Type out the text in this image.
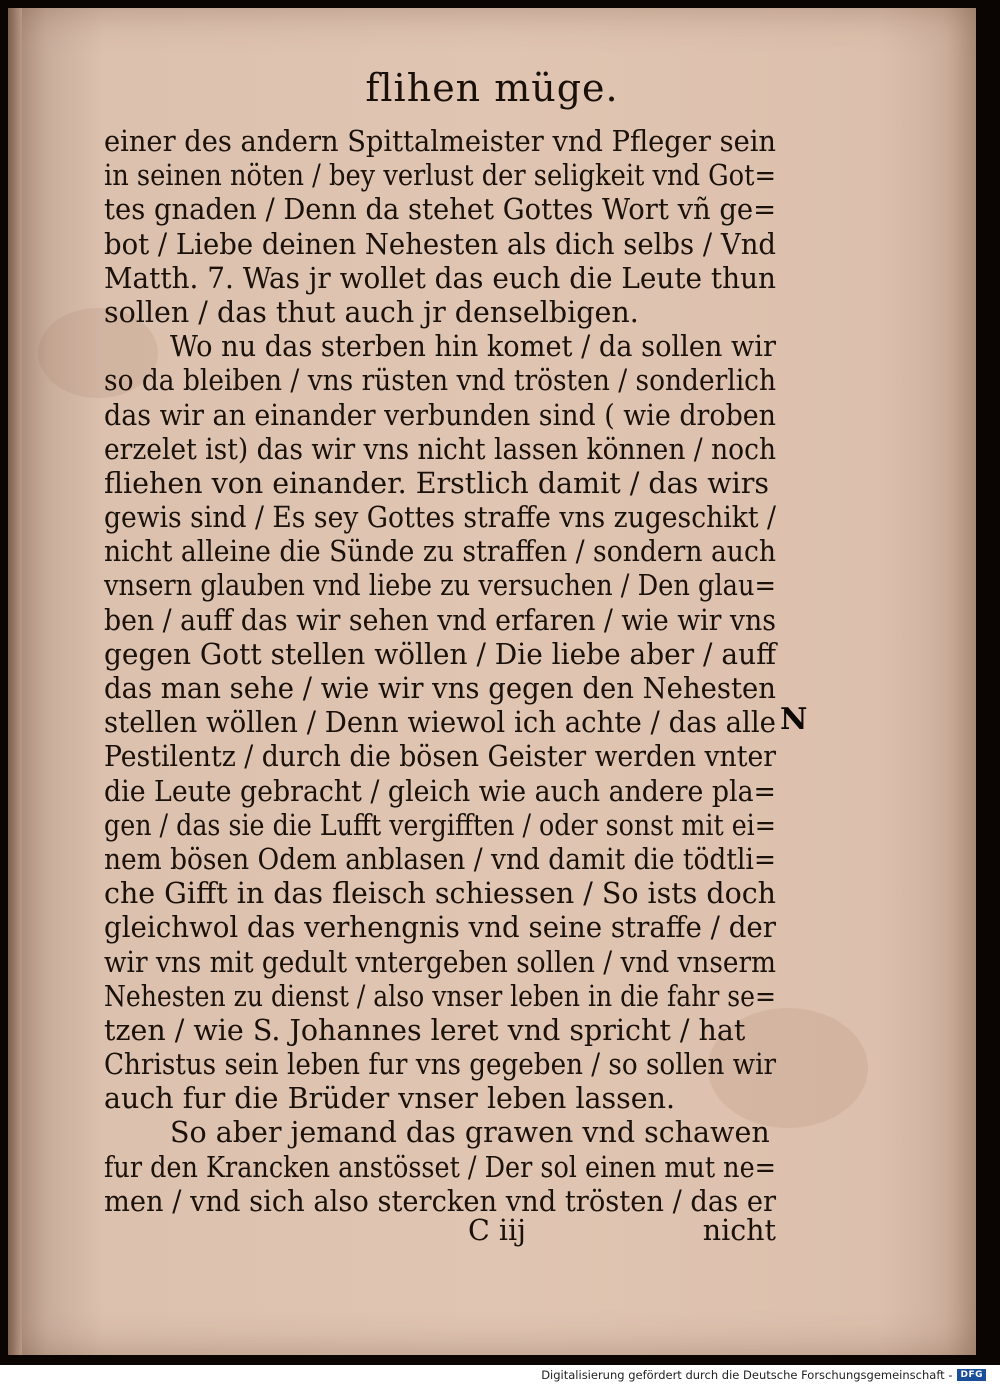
flihen müge.
einer des andern Spittalmeister vnd Pfleger sein
in seinen nöten / bey verlust der seligkeit vnd Got=
tes gnaden / Denn da stehet Gottes Wort vñ ge=
bot / Liebe deinen Nehesten als dich selbs / Vnd
Matth. 7. Was jr wollet das euch die Leute thun
sollen / das thut auch jr denselbigen.
Wo nu das sterben hin komet / da sollen wir
so da bleiben / vns rüsten vnd trösten / sonderlich
das wir an einander verbunden sind ( wie droben
erzelet ist) das wir vns nicht lassen können / noch
fliehen von einander. Erstlich damit / das wirs
gewis sind / Es sey Gottes straffe vns zugeschikt /
nicht alleine die Sünde zu straffen / sondern auch
vnsern glauben vnd liebe zu versuchen / Den glau=
ben / auff das wir sehen vnd erfaren / wie wir vns
gegen Gott stellen wöllen / Die liebe aber / auff
das man sehe / wie wir vns gegen den Nehesten
stellen wöllen / Denn wiewol ich achte / das alle
Pestilentz / durch die bösen Geister werden vnter
die Leute gebracht / gleich wie auch andere pla=
gen / das sie die Lufft vergifften / oder sonst mit ei=
nem bösen Odem anblasen / vnd damit die tödtli=
che Gifft in das fleisch schiessen / So ists doch
gleichwol das verhengnis vnd seine straffe / der
wir vns mit gedult vntergeben sollen / vnd vnserm
Nehesten zu dienst / also vnser leben in die fahr se=
tzen / wie S. Johannes leret vnd spricht / hat
Christus sein leben fur vns gegeben / so sollen wir
auch fur die Brüder vnser leben lassen.
So aber jemand das grawen vnd schawen
fur den Krancken anstösset / Der sol einen mut ne=
men / vnd sich also stercken vnd trösten / das er
N
C iij	nicht
Digitalisierung gefördert durch die Deutsche Forschungsgemeinschaft - DFG
